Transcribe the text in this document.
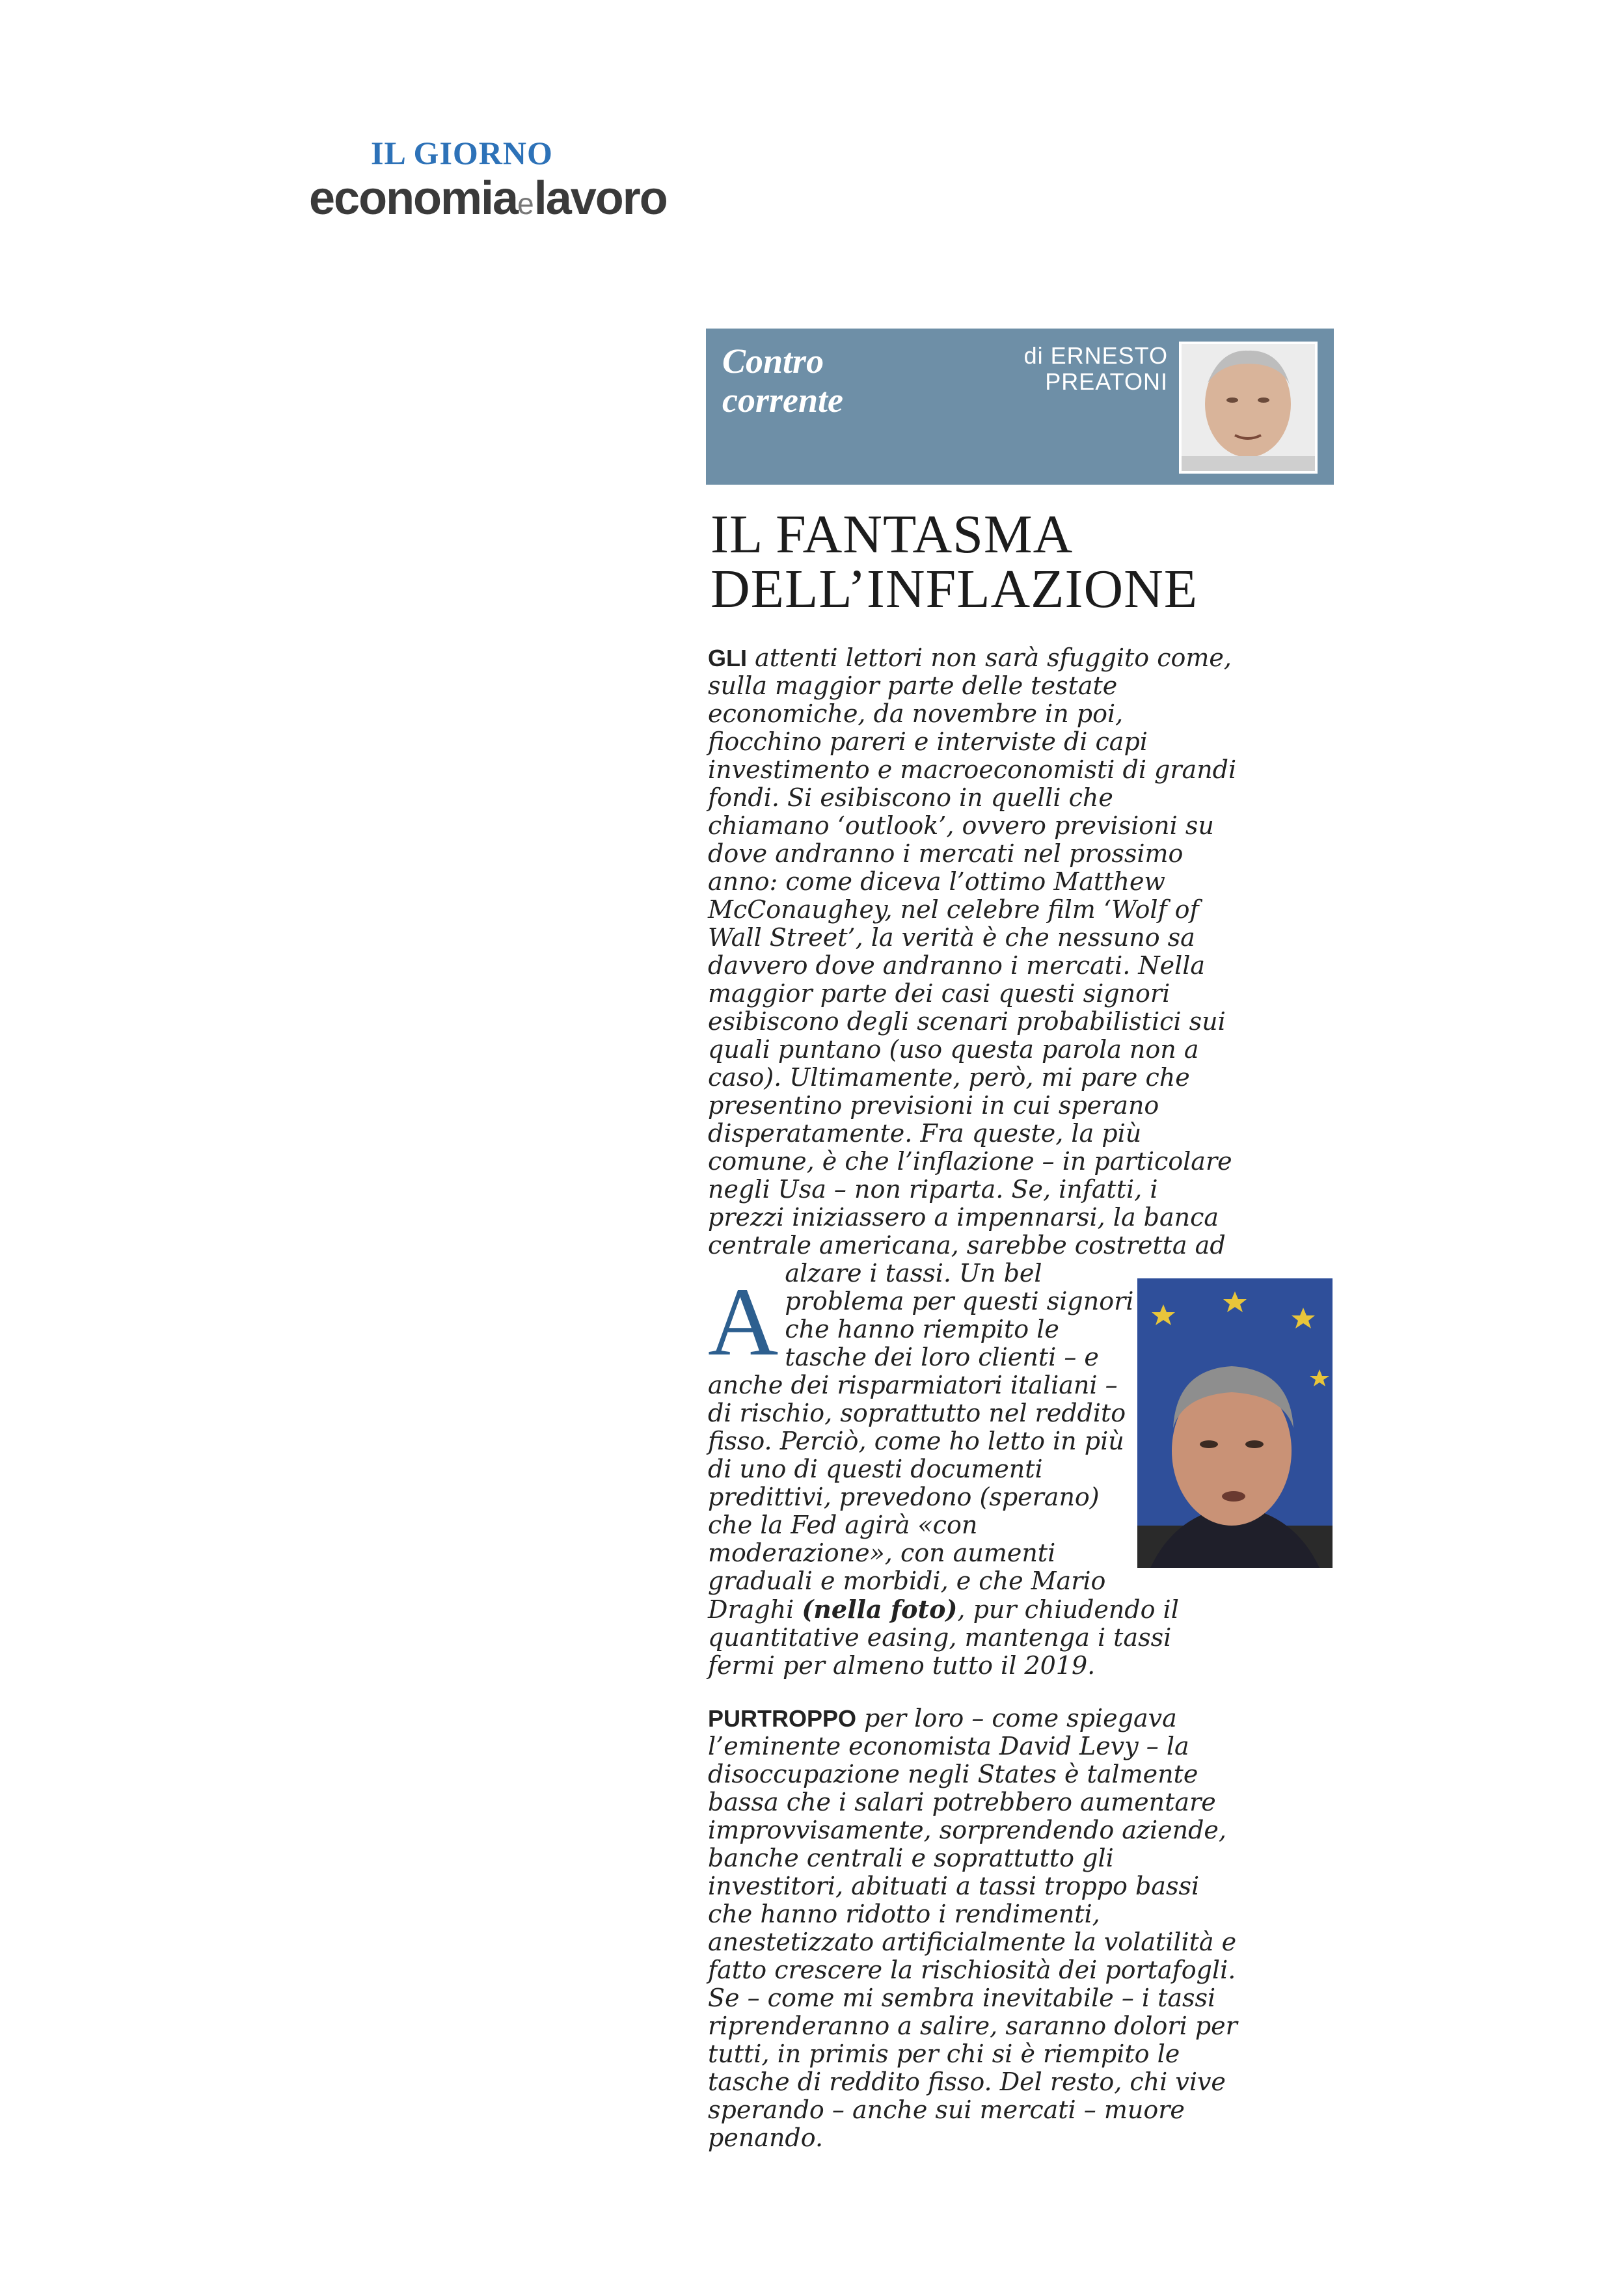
IL GIORNO
economiaelavoro
Contro
corrente
di ERNESTO
PREATONI
IL FANTASMA
DELL’INFLAZIONE

A
GLI attenti lettori non sarà sfuggito come, sulla maggior parte delle testate economiche, da novembre in poi, fiocchino pareri e interviste di capi investimento e macroeconomisti di grandi fondi. Si esibiscono in quelli che chiamano ‘outlook’, ovvero previsioni su dove andranno i mercati nel prossimo anno: come diceva l’ottimo Matthew McConaughey, nel celebre film ‘Wolf of Wall Street’, la verità è che nessuno sa davvero dove andranno i mercati. Nella maggior parte dei casi questi signori esibiscono degli scenari probabilistici sui quali puntano (uso questa parola non a caso). Ultimamente, però, mi pare che presentino previsioni in cui sperano disperatamente. Fra queste, la più comune, è che l’inflazione – in particolare negli Usa – non riparta. Se, infatti, i prezzi iniziassero a impennarsi, la banca centrale americana, sarebbe costretta ad alzare i tassi. Un bel problema per questi signori che hanno riempito le tasche dei loro clienti – e anche dei risparmiatori italiani – di rischio, soprattutto nel reddito fisso. Perciò, come ho letto in più di uno di questi documenti predittivi, prevedono (sperano) che la Fed agirà «con moderazione», con aumenti graduali e morbidi, e che Mario Draghi (nella foto), pur chiudendo il quantitative easing, mantenga i tassi fermi per almeno tutto il 2019.

PURTROPPO per loro – come spiegava l’eminente economista David Levy – la disoccupazione negli States è talmente bassa che i salari potrebbero aumentare improvvisamente, sorprendendo aziende, banche centrali e soprattutto gli investitori, abituati a tassi troppo bassi che hanno ridotto i rendimenti, anestetizzato artificialmente la volatilità e fatto crescere la rischiosità dei portafogli. Se – come mi sembra inevitabile – i tassi riprenderanno a salire, saranno dolori per tutti, in primis per chi si è riempito le tasche di reddito fisso. Del resto, chi vive sperando – anche sui mercati – muore penando.
